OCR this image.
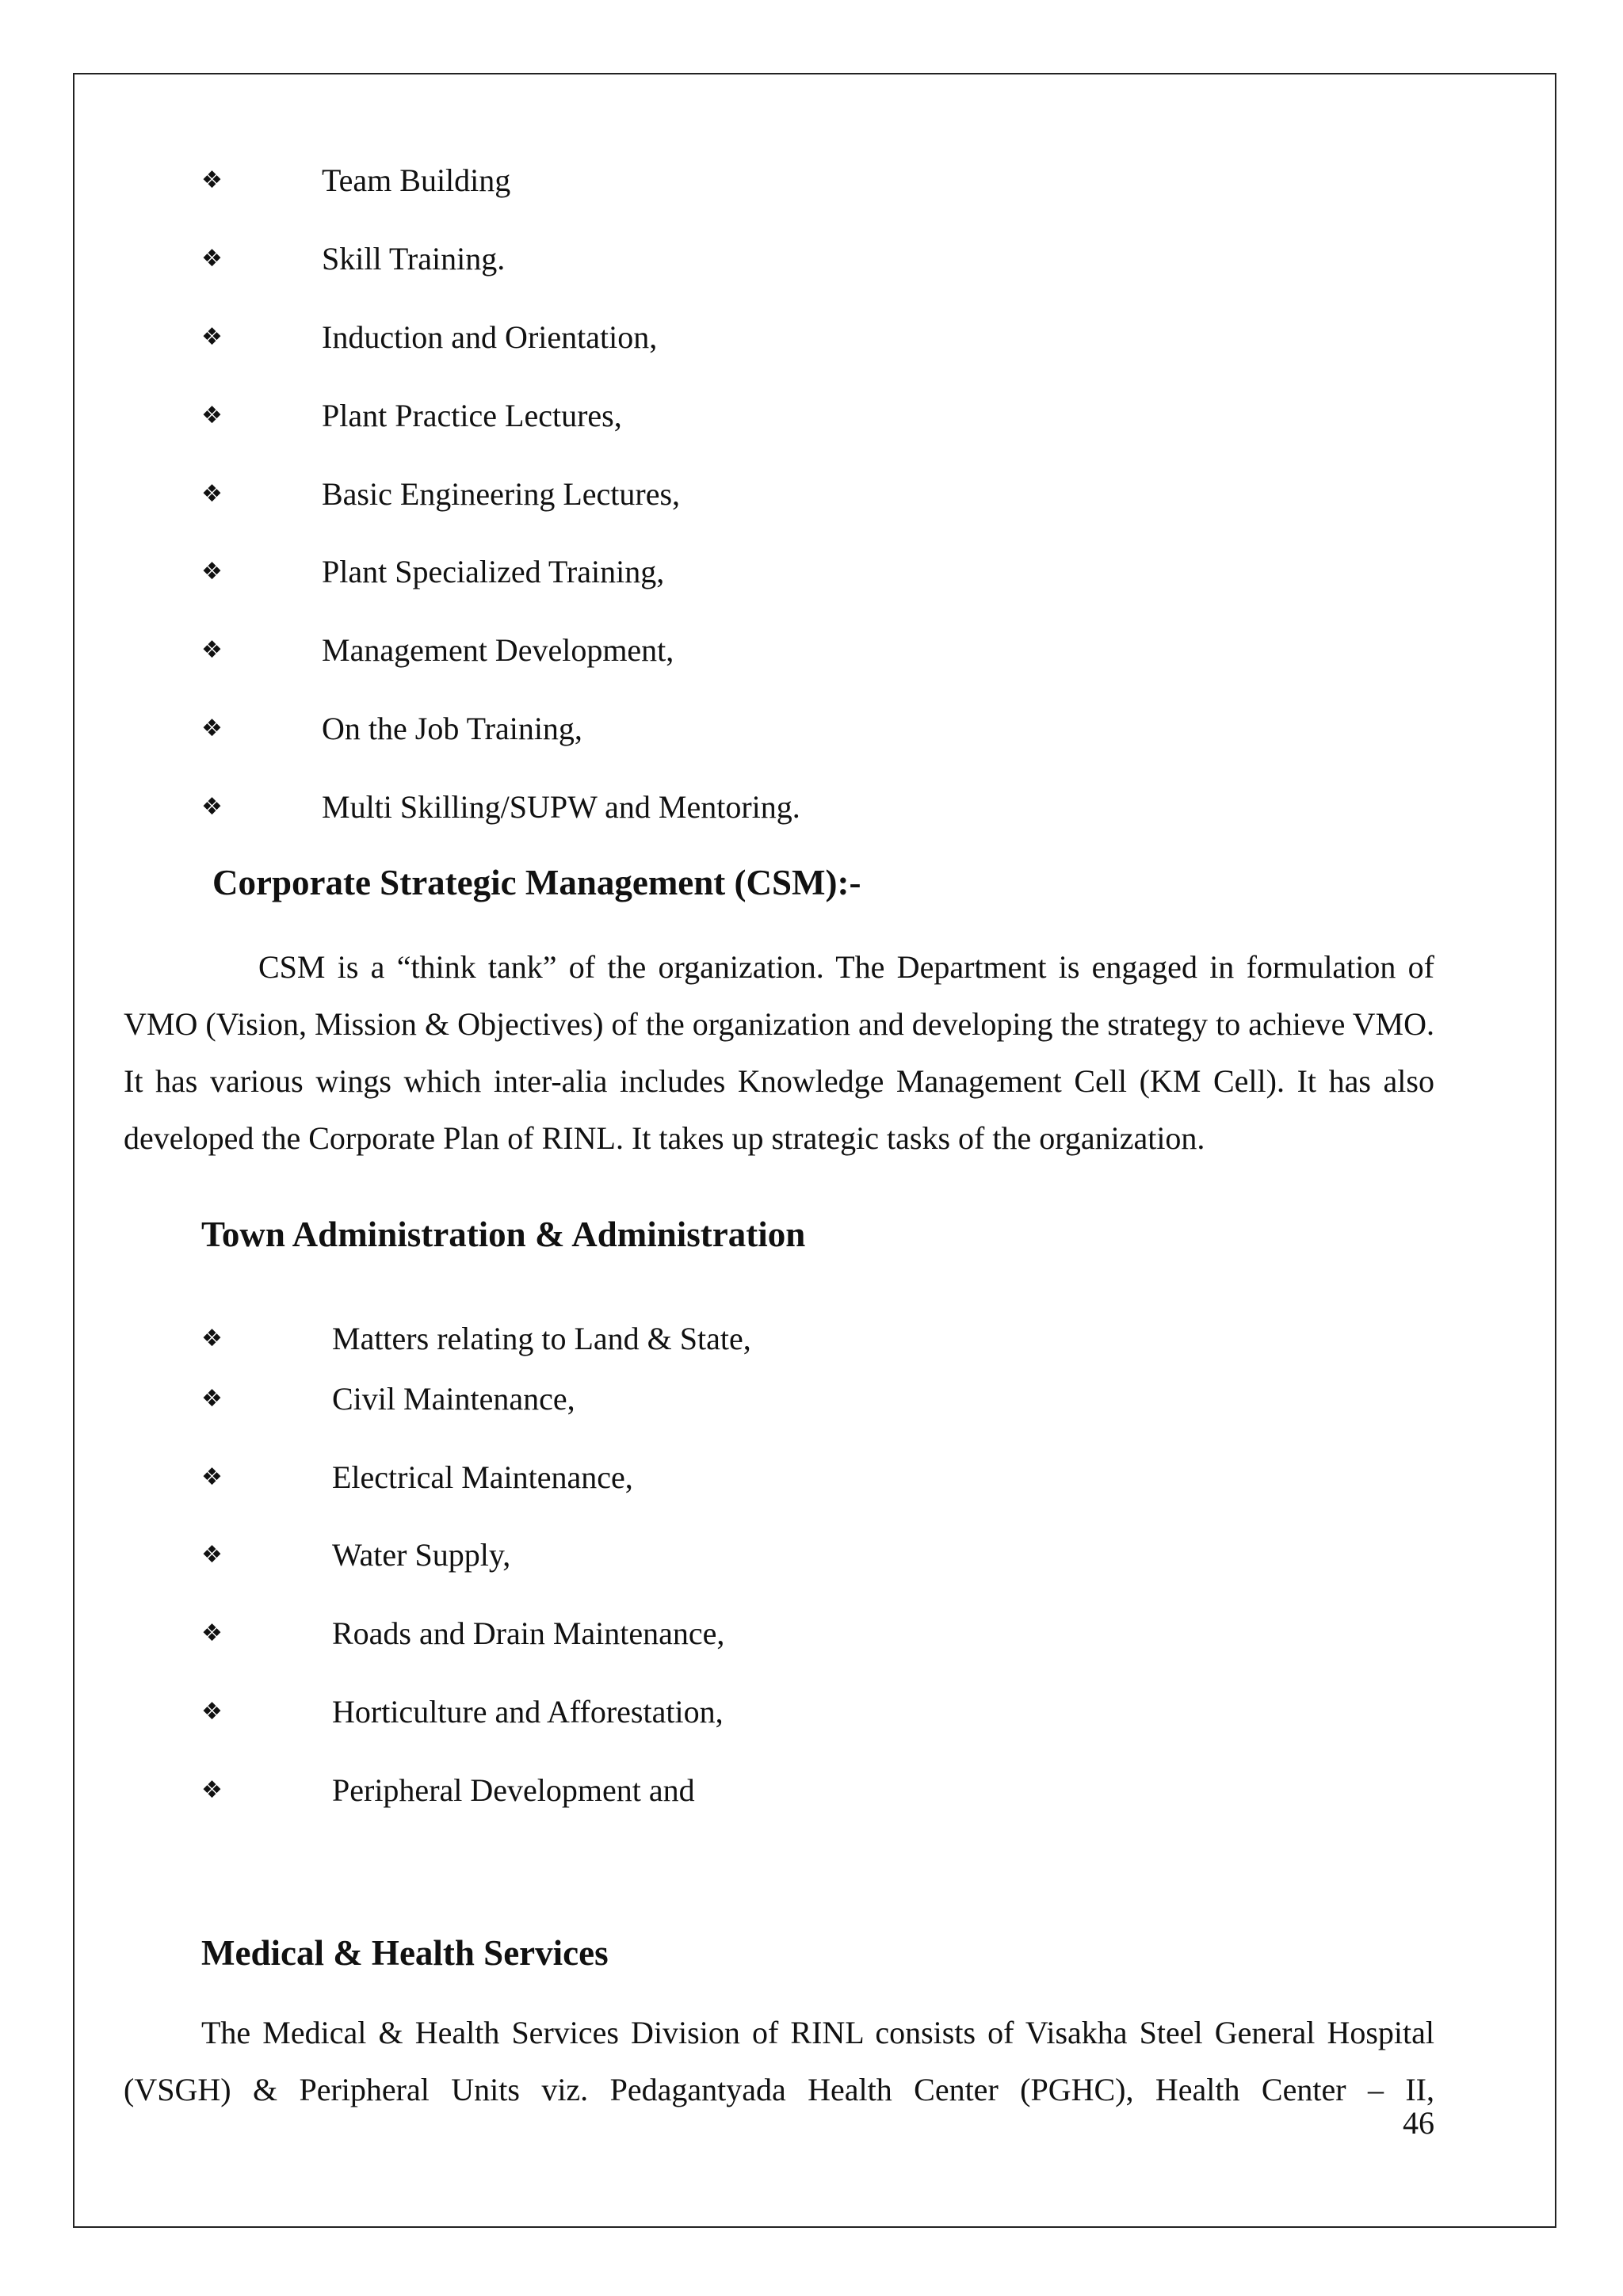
❖	Team Building
❖	Skill Training.
❖	Induction and Orientation,
❖	Plant Practice Lectures,
❖	Basic Engineering Lectures,
❖	Plant Specialized Training,
❖	Management Development,
❖	On the Job Training,
❖	Multi Skilling/SUPW and Mentoring.
Corporate Strategic Management (CSM):-

CSM is a “think tank” of the organization. The Department is engaged in formulation of VMO (Vision, Mission & Objectives) of the organization and developing the strategy to achieve VMO. It has various wings which inter-alia includes Knowledge Management Cell (KM Cell). It has also developed the Corporate Plan of RINL. It takes up strategic tasks of the organization.

Town Administration & Administration
❖	Matters relating to Land & State,
❖	Civil Maintenance,
❖	Electrical Maintenance,
❖	Water Supply,
❖	Roads and Drain Maintenance,
❖	Horticulture and Afforestation,
❖	Peripheral Development and
Medical & Health Services

The Medical & Health Services Division of RINL consists of Visakha Steel General Hospital (VSGH) & Peripheral Units viz. Pedagantyada Health Center (PGHC), Health Center – II,

46
